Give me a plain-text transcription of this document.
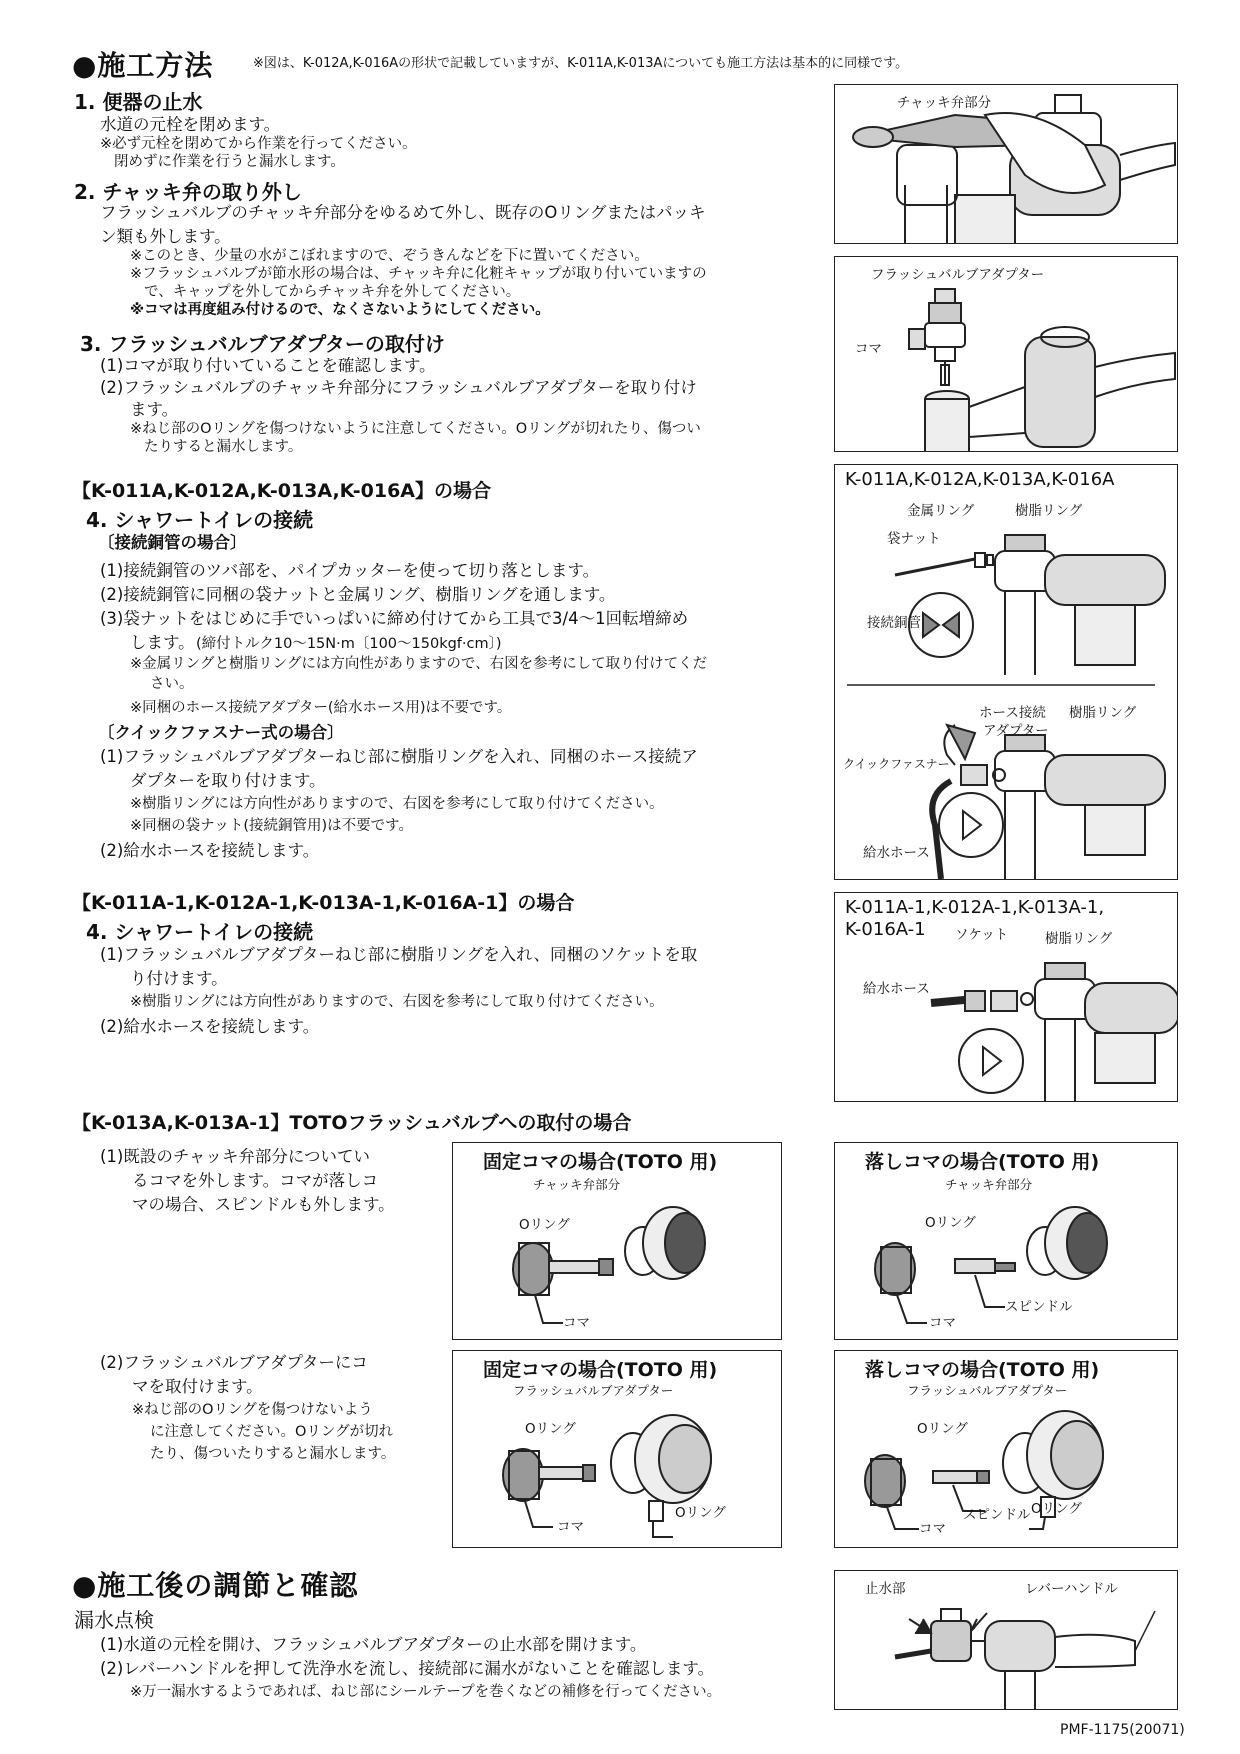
●施工方法	※図は、K-012A,K-016Aの形状で記載していますが、K-011A,K-013Aについても施工方法は基本的に同様です。
1. 便器の止水
水道の元栓を閉めます。
※必ず元栓を閉めてから作業を行ってください。
閉めずに作業を行うと漏水します。
2. チャッキ弁の取り外し
フラッシュバルブのチャッキ弁部分をゆるめて外し、既存のOリングまたはパッキ
ン類も外します。
※このとき、少量の水がこぼれますので、ぞうきんなどを下に置いてください。
※フラッシュバルブが節水形の場合は、チャッキ弁に化粧キャップが取り付いていますの
で、キャップを外してからチャッキ弁を外してください。
※コマは再度組み付けるので、なくさないようにしてください。
3. フラッシュバルブアダプターの取付け
(1)コマが取り付いていることを確認します。
(2)フラッシュバルブのチャッキ弁部分にフラッシュバルブアダプターを取り付け
ます。
※ねじ部のOリングを傷つけないように注意してください。Oリングが切れたり、傷つい
たりすると漏水します。
【K-011A,K-012A,K-013A,K-016A】の場合
4. シャワートイレの接続
〔接続銅管の場合〕
(1)接続銅管のツバ部を、パイプカッターを使って切り落とします。
(2)接続銅管に同梱の袋ナットと金属リング、樹脂リングを通します。
(3)袋ナットをはじめに手でいっぱいに締め付けてから工具で3/4〜1回転増締め
します。 (締付トルク10〜15N·m〔100〜150kgf·cm〕)
※金属リングと樹脂リングには方向性がありますので、右図を参考にして取り付けてくだ
さい。
※同梱のホース接続アダプター(給水ホース用)は不要です。
〔クイックファスナー式の場合〕
(1)フラッシュバルブアダプターねじ部に樹脂リングを入れ、同梱のホース接続ア
ダプターを取り付けます。
※樹脂リングには方向性がありますので、右図を参考にして取り付けてください。
※同梱の袋ナット(接続銅管用)は不要です。
(2)給水ホースを接続します。
【K-011A-1,K-012A-1,K-013A-1,K-016A-1】の場合
4. シャワートイレの接続
(1)フラッシュバルブアダプターねじ部に樹脂リングを入れ、同梱のソケットを取
り付けます。
※樹脂リングには方向性がありますので、右図を参考にして取り付けてください。
(2)給水ホースを接続します。
【K-013A,K-013A-1】TOTOフラッシュバルブへの取付の場合
(1)既設のチャッキ弁部分についてい
るコマを外します。コマが落しコ
マの場合、スピンドルも外します。
(2)フラッシュバルブアダプターにコ
マを取付けます。
※ねじ部のOリングを傷つけないよう
に注意してください。Oリングが切れ
たり、傷ついたりすると漏水します。
●施工後の調節と確認
漏水点検
(1)水道の元栓を開け、フラッシュバルブアダプターの止水部を開けます。
(2)レバーハンドルを押して洗浄水を流し、接続部に漏水がないことを確認します。
※万一漏水するようであれば、ねじ部にシールテープを巻くなどの補修を行ってください。
PMF-1175(20071)
チャッキ弁部分
フラッシュバルブアダプター
コマ
K-011A,K-012A,K-013A,K-016A
金属リング	樹脂リング
袋ナット
接続銅管
ホース接続
アダプター
樹脂リング
クイックファスナー
給水ホース
K-011A-1,K-012A-1,K-013A-1,
K-016A-1 ソケット	樹脂リング
給水ホース
固定コマの場合(TOTO 用)
チャッキ弁部分
Oリング
コマ
落しコマの場合(TOTO 用)
チャッキ弁部分
Oリング
コマ
スピンドル
固定コマの場合(TOTO 用)
フラッシュバルブアダプター
Oリング
コマ
Oリング
落しコマの場合(TOTO 用)
フラッシュバルブアダプター
Oリング
コマ
スピンドル Oリング
止水部	レバーハンドル
